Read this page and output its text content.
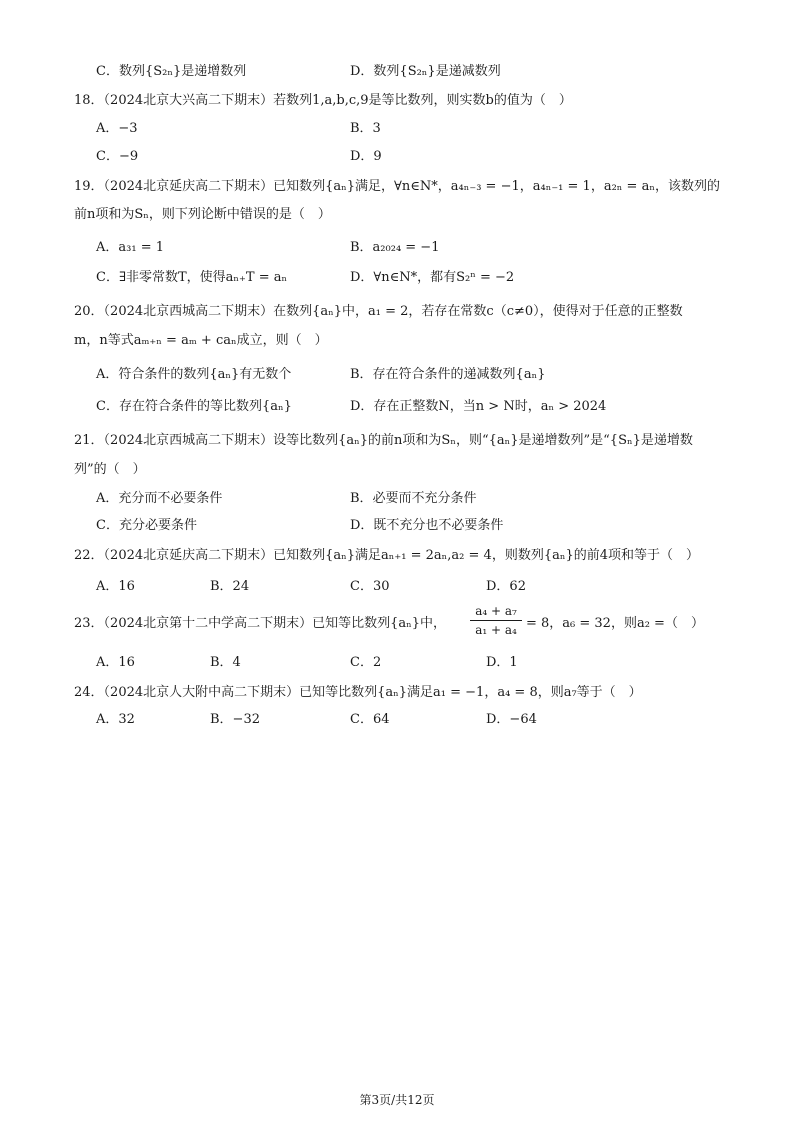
C．数列{S₂ₙ}是递增数列	D．数列{S₂ₙ}是递减数列
18．（2024北京大兴高二下期末）若数列1,a,b,c,9是等比数列，则实数b的值为（　）
A．−3	B．3
C．−9	D．9
19．（2024北京延庆高二下期末）已知数列{aₙ}满足，∀n∈N*，a₄ₙ₋₃ = −1，a₄ₙ₋₁ = 1，a₂ₙ = aₙ，该数列的
前n项和为Sₙ，则下列论断中错误的是（　）
A．a₃₁ = 1	B．a₂₀₂₄ = −1
C．∃非零常数T，使得aₙ₊T = aₙ	D．∀n∈N*，都有S₂ⁿ = −2
20．（2024北京西城高二下期末）在数列{aₙ}中，a₁ = 2，若存在常数c（c≠0），使得对于任意的正整数
m，n等式aₘ₊ₙ = aₘ + caₙ成立，则（　）
A．符合条件的数列{aₙ}有无数个	B．存在符合条件的递减数列{aₙ}
C．存在符合条件的等比数列{aₙ}	D．存在正整数N，当n > N时，aₙ > 2024
21．（2024北京西城高二下期末）设等比数列{aₙ}的前n项和为Sₙ，则“{aₙ}是递增数列”是“{Sₙ}是递增数
列”的（　）
A．充分而不必要条件	B．必要而不充分条件
C．充分必要条件	D．既不充分也不必要条件
22．（2024北京延庆高二下期末）已知数列{aₙ}满足aₙ₊₁ = 2aₙ,a₂ = 4，则数列{aₙ}的前4项和等于（　）
A．16	B．24	C．30	D．62
23．（2024北京第十二中学高二下期末）已知等比数列{aₙ}中，
a₄ + a₇
a₁ + a₄ = 8，a₆ = 32，则a₂ =（　）
A．16	B．4	C．2	D．1
24．（2024北京人大附中高二下期末）已知等比数列{aₙ}满足a₁ = −1，a₄ = 8，则a₇等于（　）
A．32	B．−32	C．64	D．−64
第3页/共12页
